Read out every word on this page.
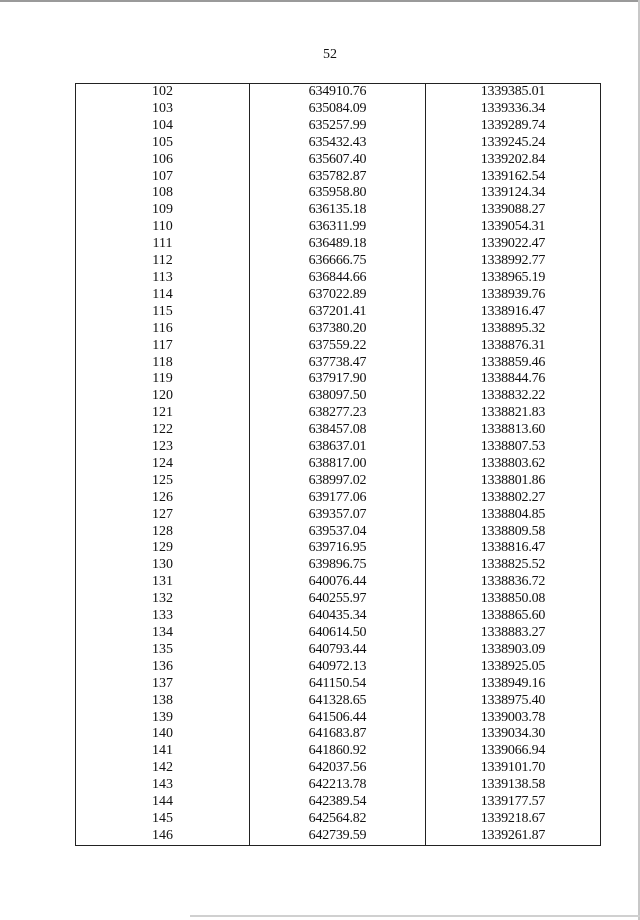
52
102	634910.76	1339385.01
103	635084.09	1339336.34
104	635257.99	1339289.74
105	635432.43	1339245.24
106	635607.40	1339202.84
107	635782.87	1339162.54
108	635958.80	1339124.34
109	636135.18	1339088.27
110	636311.99	1339054.31
111	636489.18	1339022.47
112	636666.75	1338992.77
113	636844.66	1338965.19
114	637022.89	1338939.76
115	637201.41	1338916.47
116	637380.20	1338895.32
117	637559.22	1338876.31
118	637738.47	1338859.46
119	637917.90	1338844.76
120	638097.50	1338832.22
121	638277.23	1338821.83
122	638457.08	1338813.60
123	638637.01	1338807.53
124	638817.00	1338803.62
125	638997.02	1338801.86
126	639177.06	1338802.27
127	639357.07	1338804.85
128	639537.04	1338809.58
129	639716.95	1338816.47
130	639896.75	1338825.52
131	640076.44	1338836.72
132	640255.97	1338850.08
133	640435.34	1338865.60
134	640614.50	1338883.27
135	640793.44	1338903.09
136	640972.13	1338925.05
137	641150.54	1338949.16
138	641328.65	1338975.40
139	641506.44	1339003.78
140	641683.87	1339034.30
141	641860.92	1339066.94
142	642037.56	1339101.70
143	642213.78	1339138.58
144	642389.54	1339177.57
145	642564.82	1339218.67
146	642739.59	1339261.87
